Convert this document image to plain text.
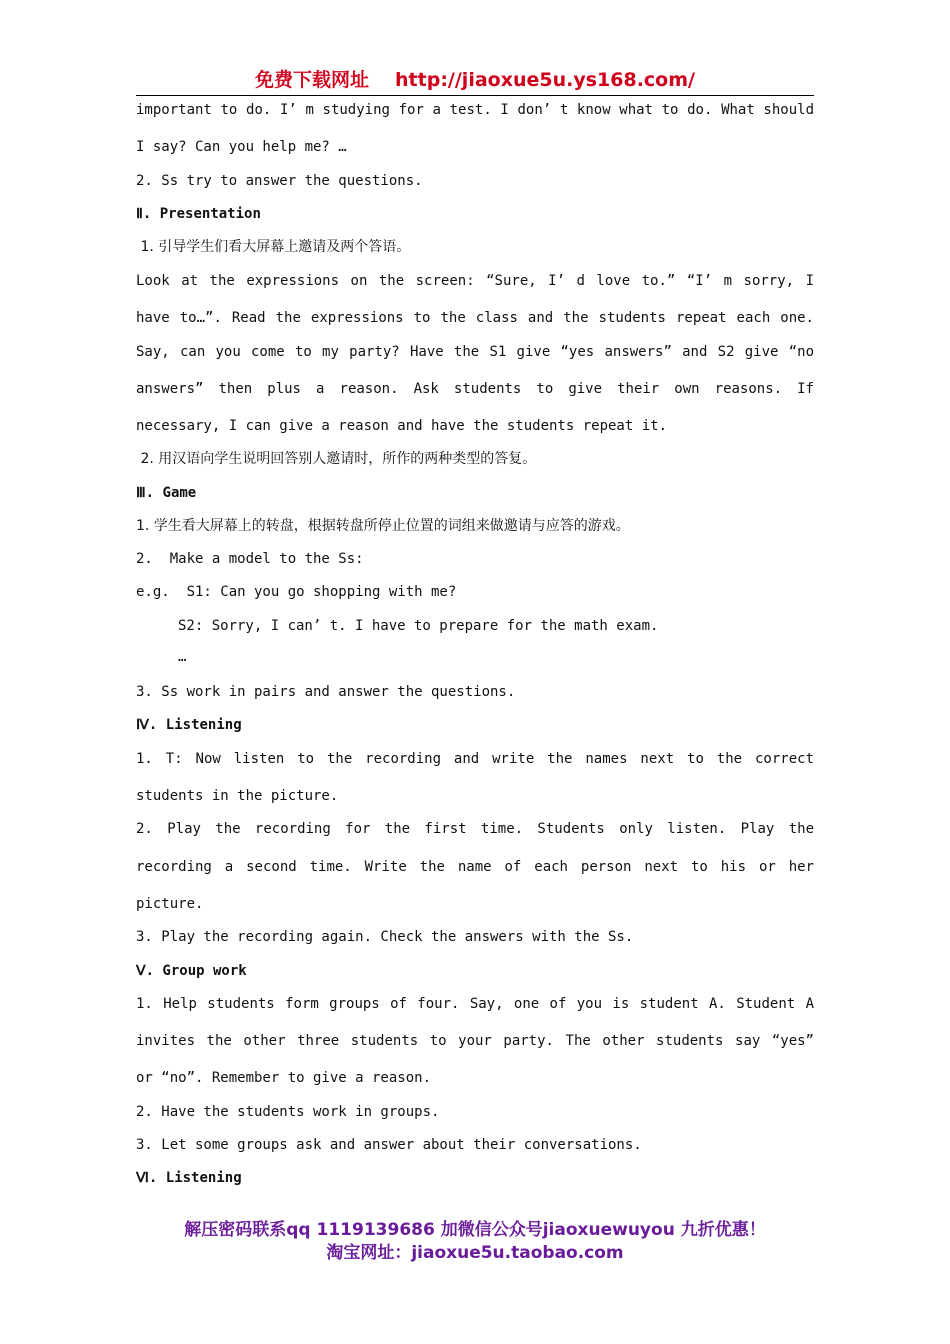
免费下载网址 http://jiaoxue5u.ys168.com/
important to do. I’ m studying for a test. I don’ t know what to do. What should
I say? Can you help me? …
2. Ss try to answer the questions.
Ⅱ. Presentation
1. 引导学生们看大屏幕上邀请及两个答语。
Look at the expressions on the screen: “Sure, I’ d love to.” “I’ m sorry, I
have to…”. Read the expressions to the class and the students repeat each one.
Say, can you come to my party? Have the S1 give “yes answers” and S2 give “no
answers” then plus a reason. Ask students to give their own reasons. If
necessary, I can give a reason and have the students repeat it.
2. 用汉语向学生说明回答别人邀请时，所作的两种类型的答复。
Ⅲ. Game
1. 学生看大屏幕上的转盘，根据转盘所停止位置的词组来做邀请与应答的游戏。
2.  Make a model to the Ss:
e.g.  S1: Can you go shopping with me?
S2: Sorry, I can’ t. I have to prepare for the math exam.
…
3. Ss work in pairs and answer the questions.
Ⅳ. Listening
1. T: Now listen to the recording and write the names next to the correct
students in the picture.
2. Play the recording for the first time. Students only listen. Play the
recording a second time. Write the name of each person next to his or her
picture.
3. Play the recording again. Check the answers with the Ss.
Ⅴ. Group work
1. Help students form groups of four. Say, one of you is student A. Student A
invites the other three students to your party. The other students say “yes”
or “no”. Remember to give a reason.
2. Have the students work in groups.
3. Let some groups ask and answer about their conversations.
Ⅵ. Listening
解压密码联系qq 1119139686 加微信公众号jiaoxuewuyou 九折优惠！
淘宝网址：jiaoxue5u.taobao.com
